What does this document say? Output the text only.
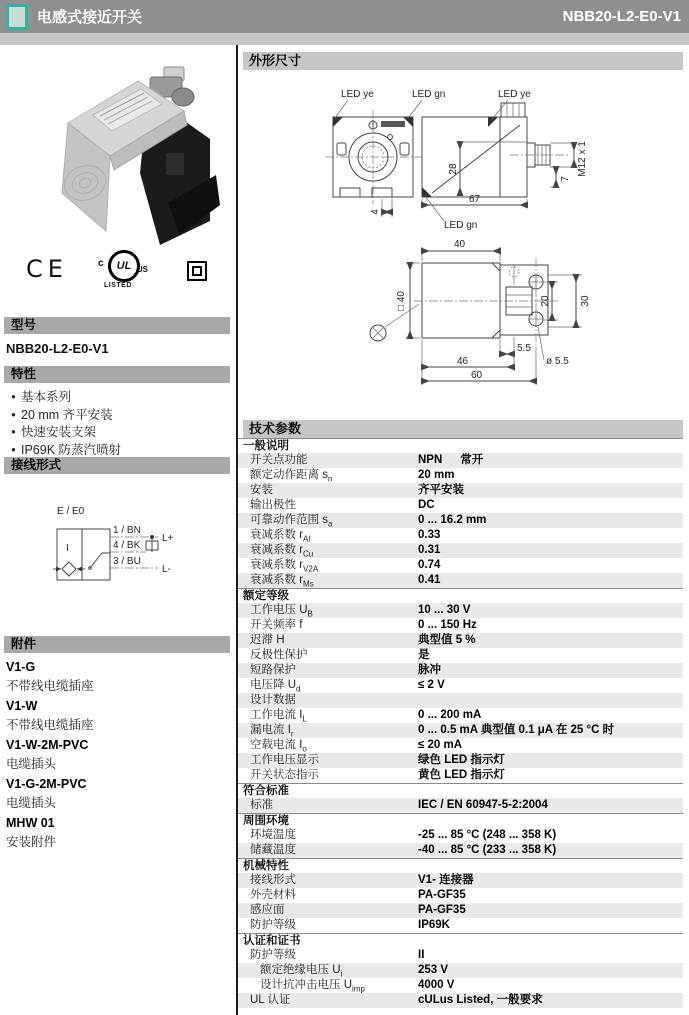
电感式接近开关	NBB20-L2-E0-V1
CE	c	UL US
LISTED
型号
NBB20-L2-E0-V1
特性
• 基本系列
• 20 mm 齐平安装
• 快速安装支架
• IP69K 防蒸汽喷射
接线形式
E / E0
I
1 / BN
4 / BK
3 / BU
L+
L-
附件
V1-G
不带线电缆插座
V1-W
不带线电缆插座
V1-W-2M-PVC
电缆插头
V1-G-2M-PVC
电缆插头
MHW 01
安装附件
外形尺寸
4
28
67
7
M12 x 1
LED ye	LED gn	LED ye
LED gn
40
□ 40	20	30
5.5
46	ø 5.5
60
技术参数
一般说明
开关点功能	NPN 常开
额定动作距离 $s_n$	20 mm
安装	齐平安装
输出极性	DC
可靠动作范围 $s_a$	0 ... 16.2 mm
衰减系数 $r_{Al}$	0.33
衰减系数 $r_{Cu}$	0.31
衰减系数 $r_{V2A}$	0.74
衰减系数 $r_{Ms}$	0.41
额定等级
工作电压 $U_B$	10 ... 30 V
开关频率 f	0 ... 150 Hz
迟滞 H	典型值 5 %
反极性保护	是
短路保护	脉冲
电压降 $U_d$	≤ 2 V
设计数据
工作电流 $I_L$	0 ... 200 mA
漏电流 $I_r$	0 ... 0.5 mA 典型值 0.1 μA 在 25 °C 时
空载电流 $I_o$	≤ 20 mA
工作电压显示	绿色 LED 指示灯
开关状态指示	黄色 LED 指示灯
符合标准
标准	IEC / EN 60947-5-2:2004
周围环境
环境温度	-25 ... 85 °C (248 ... 358 K)
储藏温度	-40 ... 85 °C (233 ... 358 K)
机械特性
接线形式	V1- 连接器
外壳材料	PA-GF35
感应面	PA-GF35
防护等级	IP69K
认证和证书
防护等级	II
额定绝缘电压 $U_i$	253 V
设计抗冲击电压 $U_{imp}$	4000 V
UL 认证	cULus Listed, 一般要求
